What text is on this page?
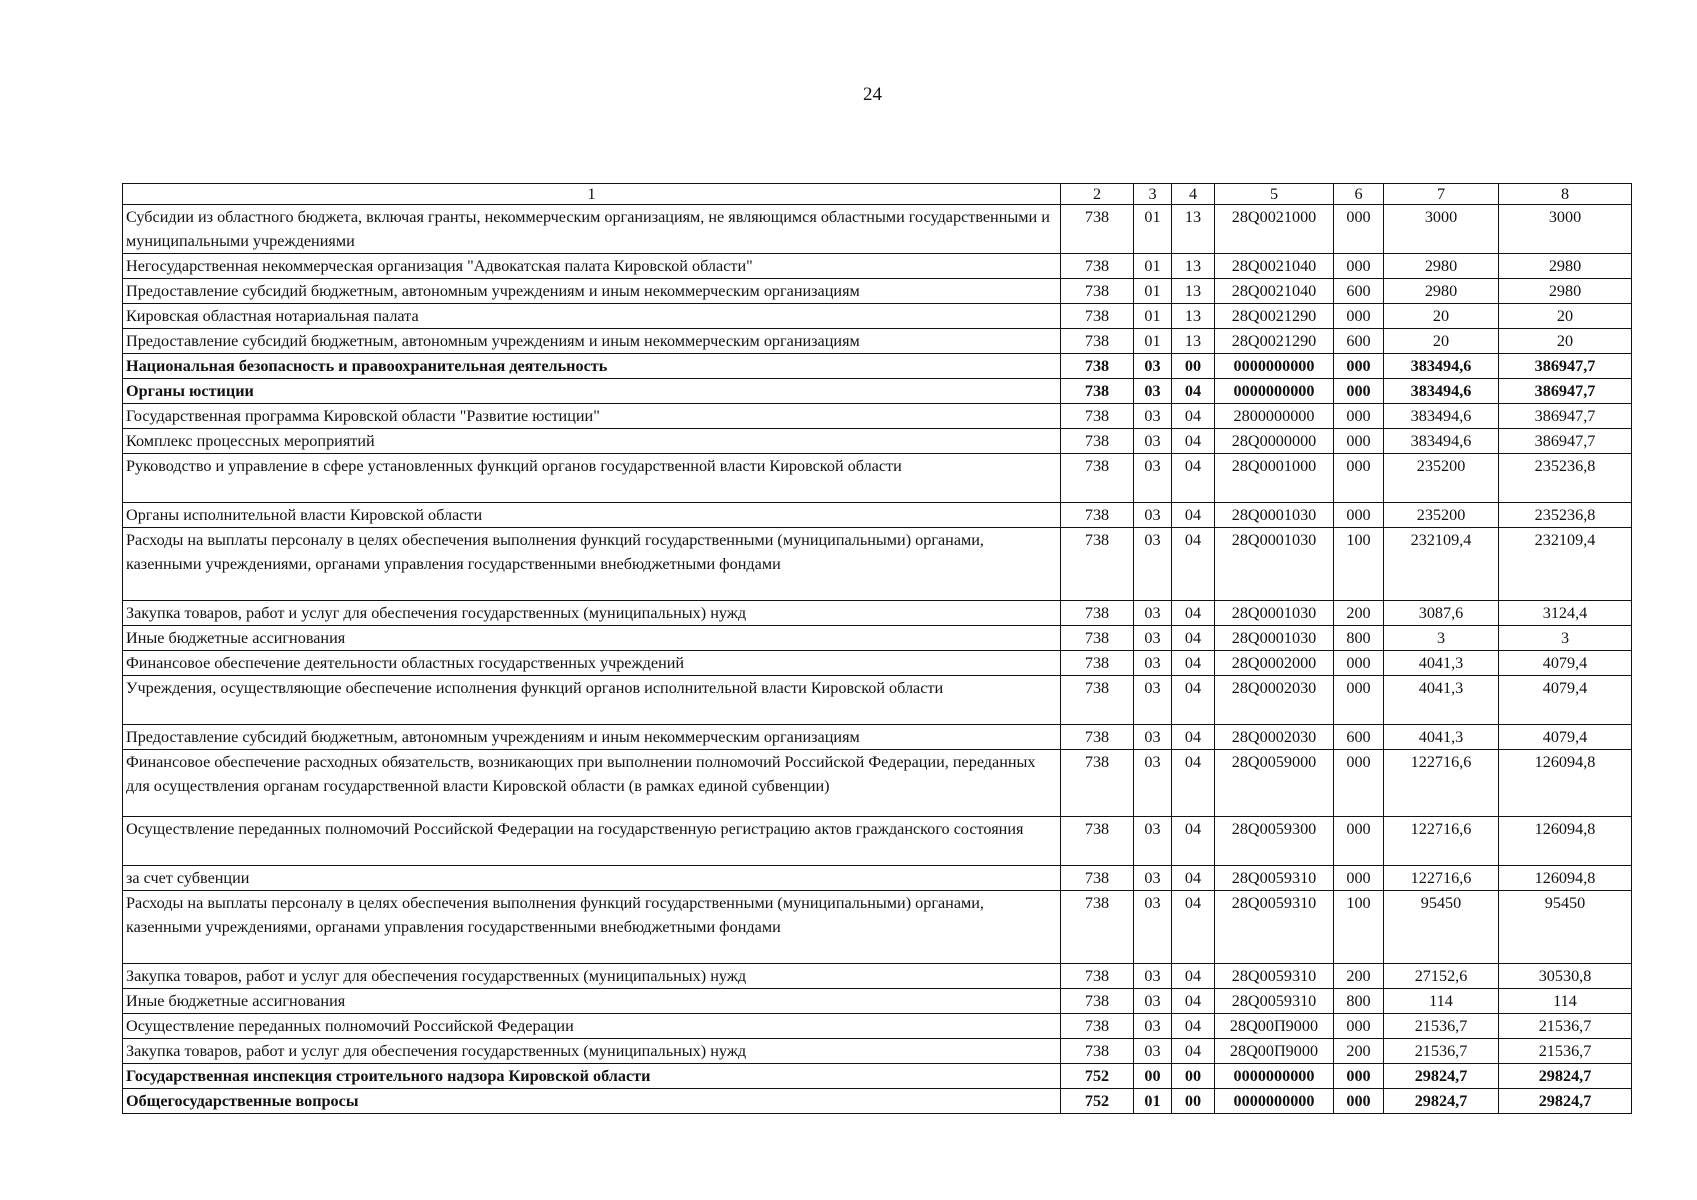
24
1	2	3	4	5	6	7	8
Субсидии из областного бюджета, включая гранты, некоммерческим организациям, не являющимся областными государственными и муниципальными учреждениями	738	01	13	28Q0021000	000	3000	3000
Негосударственная некоммерческая организация "Адвокатская палата Кировской области"	738	01	13	28Q0021040	000	2980	2980
Предоставление субсидий бюджетным, автономным учреждениям и иным некоммерческим организациям	738	01	13	28Q0021040	600	2980	2980
Кировская областная нотариальная палата	738	01	13	28Q0021290	000	20	20
Предоставление субсидий бюджетным, автономным учреждениям и иным некоммерческим организациям	738	01	13	28Q0021290	600	20	20
Национальная безопасность и правоохранительная деятельность	738	03	00	0000000000	000	383494,6	386947,7
Органы юстиции	738	03	04	0000000000	000	383494,6	386947,7
Государственная программа Кировской области "Развитие юстиции"	738	03	04	2800000000	000	383494,6	386947,7
Комплекс процессных мероприятий	738	03	04	28Q0000000	000	383494,6	386947,7
Руководство и управление в сфере установленных функций органов государственной власти Кировской области	738	03	04	28Q0001000	000	235200	235236,8
Органы исполнительной власти Кировской области	738	03	04	28Q0001030	000	235200	235236,8
Расходы на выплаты персоналу в целях обеспечения выполнения функций государственными (муниципальными) органами, казенными учреждениями, органами управления государственными внебюджетными фондами	738	03	04	28Q0001030	100	232109,4	232109,4
Закупка товаров, работ и услуг для обеспечения государственных (муниципальных) нужд	738	03	04	28Q0001030	200	3087,6	3124,4
Иные бюджетные ассигнования	738	03	04	28Q0001030	800	3	3
Финансовое обеспечение деятельности областных государственных учреждений	738	03	04	28Q0002000	000	4041,3	4079,4
Учреждения, осуществляющие обеспечение исполнения функций органов исполнительной власти Кировской области	738	03	04	28Q0002030	000	4041,3	4079,4
Предоставление субсидий бюджетным, автономным учреждениям и иным некоммерческим организациям	738	03	04	28Q0002030	600	4041,3	4079,4
Финансовое обеспечение расходных обязательств, возникающих при выполнении полномочий Российской Федерации, переданных для осуществления органам государственной власти Кировской области (в рамках единой субвенции)	738	03	04	28Q0059000	000	122716,6	126094,8
Осуществление переданных полномочий Российской Федерации на государственную регистрацию актов гражданского состояния	738	03	04	28Q0059300	000	122716,6	126094,8
за счет субвенции	738	03	04	28Q0059310	000	122716,6	126094,8
Расходы на выплаты персоналу в целях обеспечения выполнения функций государственными (муниципальными) органами, казенными учреждениями, органами управления государственными внебюджетными фондами	738	03	04	28Q0059310	100	95450	95450
Закупка товаров, работ и услуг для обеспечения государственных (муниципальных) нужд	738	03	04	28Q0059310	200	27152,6	30530,8
Иные бюджетные ассигнования	738	03	04	28Q0059310	800	114	114
Осуществление переданных полномочий Российской Федерации	738	03	04	28Q00П9000	000	21536,7	21536,7
Закупка товаров, работ и услуг для обеспечения государственных (муниципальных) нужд	738	03	04	28Q00П9000	200	21536,7	21536,7
Государственная инспекция строительного надзора Кировской области	752	00	00	0000000000	000	29824,7	29824,7
Общегосударственные вопросы	752	01	00	0000000000	000	29824,7	29824,7
